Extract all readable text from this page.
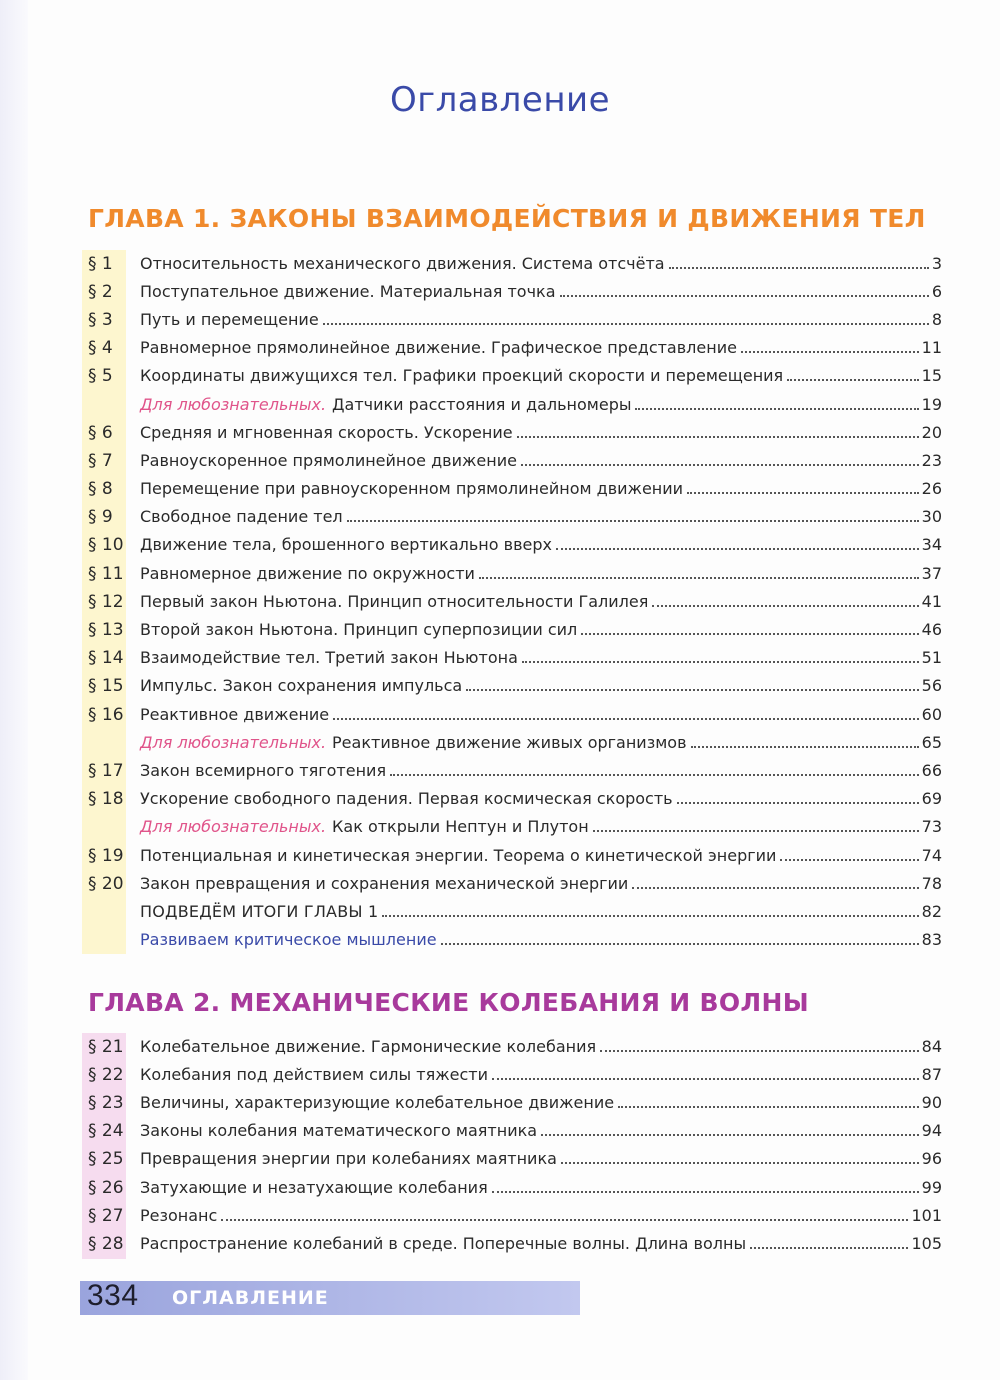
Оглавление
ГЛАВА 1. ЗАКОНЫ ВЗАИМОДЕЙСТВИЯ И ДВИЖЕНИЯ ТЕЛ
§ 1	Относительность механического движения. Система отсчёта	3
§ 2	Поступательное движение. Материальная точка	6
§ 3	Путь и перемещение	8
§ 4	Равномерное прямолинейное движение. Графическое представление	11
§ 5	Координаты движущихся тел. Графики проекций скорости и перемещения	15
Для любознательных. Датчики расстояния и дальномеры	19
§ 6	Средняя и мгновенная скорость. Ускорение	20
§ 7	Равноускоренное прямолинейное движение	23
§ 8	Перемещение при равноускоренном прямолинейном движении	26
§ 9	Свободное падение тел	30
§ 10	Движение тела, брошенного вертикально вверх	34
§ 11	Равномерное движение по окружности	37
§ 12	Первый закон Ньютона. Принцип относительности Галилея	41
§ 13	Второй закон Ньютона. Принцип суперпозиции сил	46
§ 14	Взаимодействие тел. Третий закон Ньютона	51
§ 15	Импульс. Закон сохранения импульса	56
§ 16	Реактивное движение	60
Для любознательных. Реактивное движение живых организмов	65
§ 17	Закон всемирного тяготения	66
§ 18	Ускорение свободного падения. Первая космическая скорость	69
Для любознательных. Как открыли Нептун и Плутон	73
§ 19	Потенциальная и кинетическая энергии. Теорема о кинетической энергии	74
§ 20	Закон превращения и сохранения механической энергии	78
ПОДВЕДЁМ ИТОГИ ГЛАВЫ 1	82
Развиваем критическое мышление	83
ГЛАВА 2. МЕХАНИЧЕСКИЕ КОЛЕБАНИЯ И ВОЛНЫ
§ 21	Колебательное движение. Гармонические колебания	84
§ 22	Колебания под действием силы тяжести	87
§ 23	Величины, характеризующие колебательное движение	90
§ 24	Законы колебания математического маятника	94
§ 25	Превращения энергии при колебаниях маятника	96
§ 26	Затухающие и незатухающие колебания	99
§ 27	Резонанс	101
§ 28	Распространение колебаний в среде. Поперечные волны. Длина волны	105
334 ОГЛАВЛЕНИЕ
